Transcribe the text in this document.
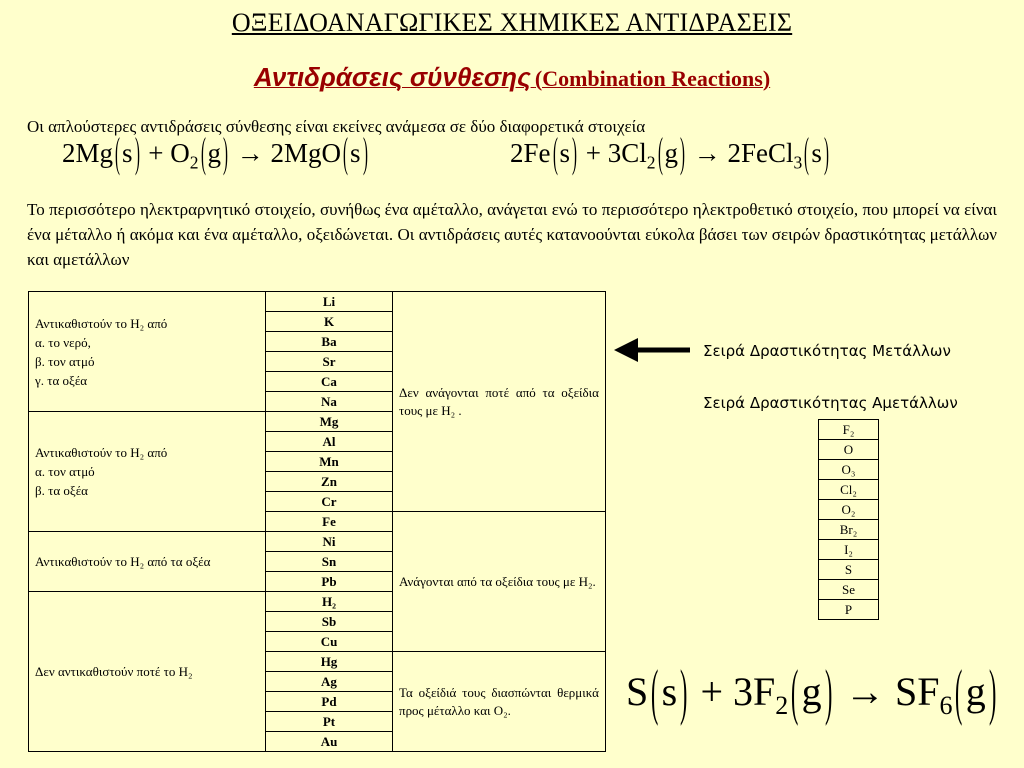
ΟΞΕΙΔΟΑΝΑΓΩΓΙΚΕΣ ΧΗΜΙΚΕΣ ΑΝΤΙΔΡΑΣΕΙΣ
Αντιδράσεις σύνθεσης (Combination Reactions)
Οι απλούστερες αντιδράσεις σύνθεσης είναι εκείνες ανάμεσα σε δύο διαφορετικά στοιχεία
$2Mg(s) + O_2(g) \to 2MgO(s)$	$2Fe(s) + 3Cl_2(g)$ → 2FeCl$_3$(s)
Το περισσότερο ηλεκτραρνητικό στοιχείο, συνήθως ένα αμέταλλο, ανάγεται ενώ το περισσότερο ηλεκτροθετικό στοιχείο, που μπορεί να είναι ένα μέταλλο ή ακόμα και ένα αμέταλλο, οξειδώνεται. Οι αντιδράσεις αυτές κατανοούνται εύκολα βάσει των σειρών δραστικότητας μετάλλων και αμετάλλων
Αντικαθιστούν το H₂ από
α. το νερό,
β. τον ατμό
γ. τα οξέα	Li	Δεν ανάγονται ποτέ από τα οξείδια τους με H₂ .
	K	
	Ba	
	Sr	
	Ca	
	Na	

Αντικαθιστούν το H₂ από
α. τον ατμό
β. τα οξέα	Mg	
	Al	
	Mn	
	Zn	
	Cr	
	Fe	Ανάγονται από τα οξείδια τους με H₂.

Αντικαθιστούν το H₂ από τα οξέα	Ni	
	Sn	
	Pb	

Δεν αντικαθιστούν ποτέ το H₂	H₂	
	Sb	
	Cu	
	Hg	Τα οξείδιά τους διασπώνται θερμικά προς μέταλλο και O₂.
	Ag	
	Pd	
	Pt	
	Au	
Σειρά Δραστικότητας Μετάλλων
Σειρά Δραστικότητας Αμετάλλων
F₂
O
O₃
Cl₂
O₂
Br₂
I₂
S
Se
P
$S(s) + 3F_2(g) \to SF_6(g)$
